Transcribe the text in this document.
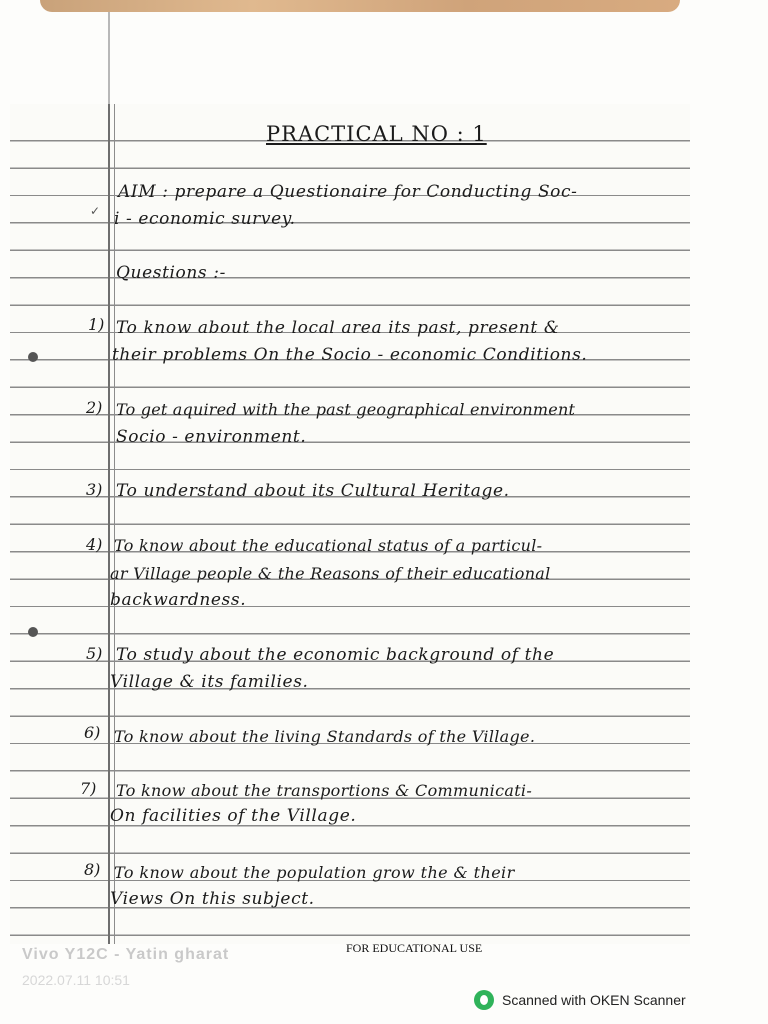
PRACTICAL NO : 1
AIM : prepare a Questionaire for Conducting Soc-
✓ i - economic survey.
Questions :-
1) To know about the local area its past, present &
their problems On the Socio - economic Conditions.
2) To get aquired with the past geographical environment
Socio - environment.
3) To understand about its Cultural Heritage.
4) To know about the educational status of a particul-
ar Village people & the Reasons of their educational
backwardness.
5) To study about the economic background of the
Village & its families.
6) To know about the living Standards of the Village.
7) To know about the transportions & Communicati-
On facilities of the Village.
8) To know about the population grow the & their
Views On this subject.
FOR EDUCATIONAL USE
Vivo Y12C - Yatin gharat
2022.07.11 10:51
Scanned with OKEN Scanner
